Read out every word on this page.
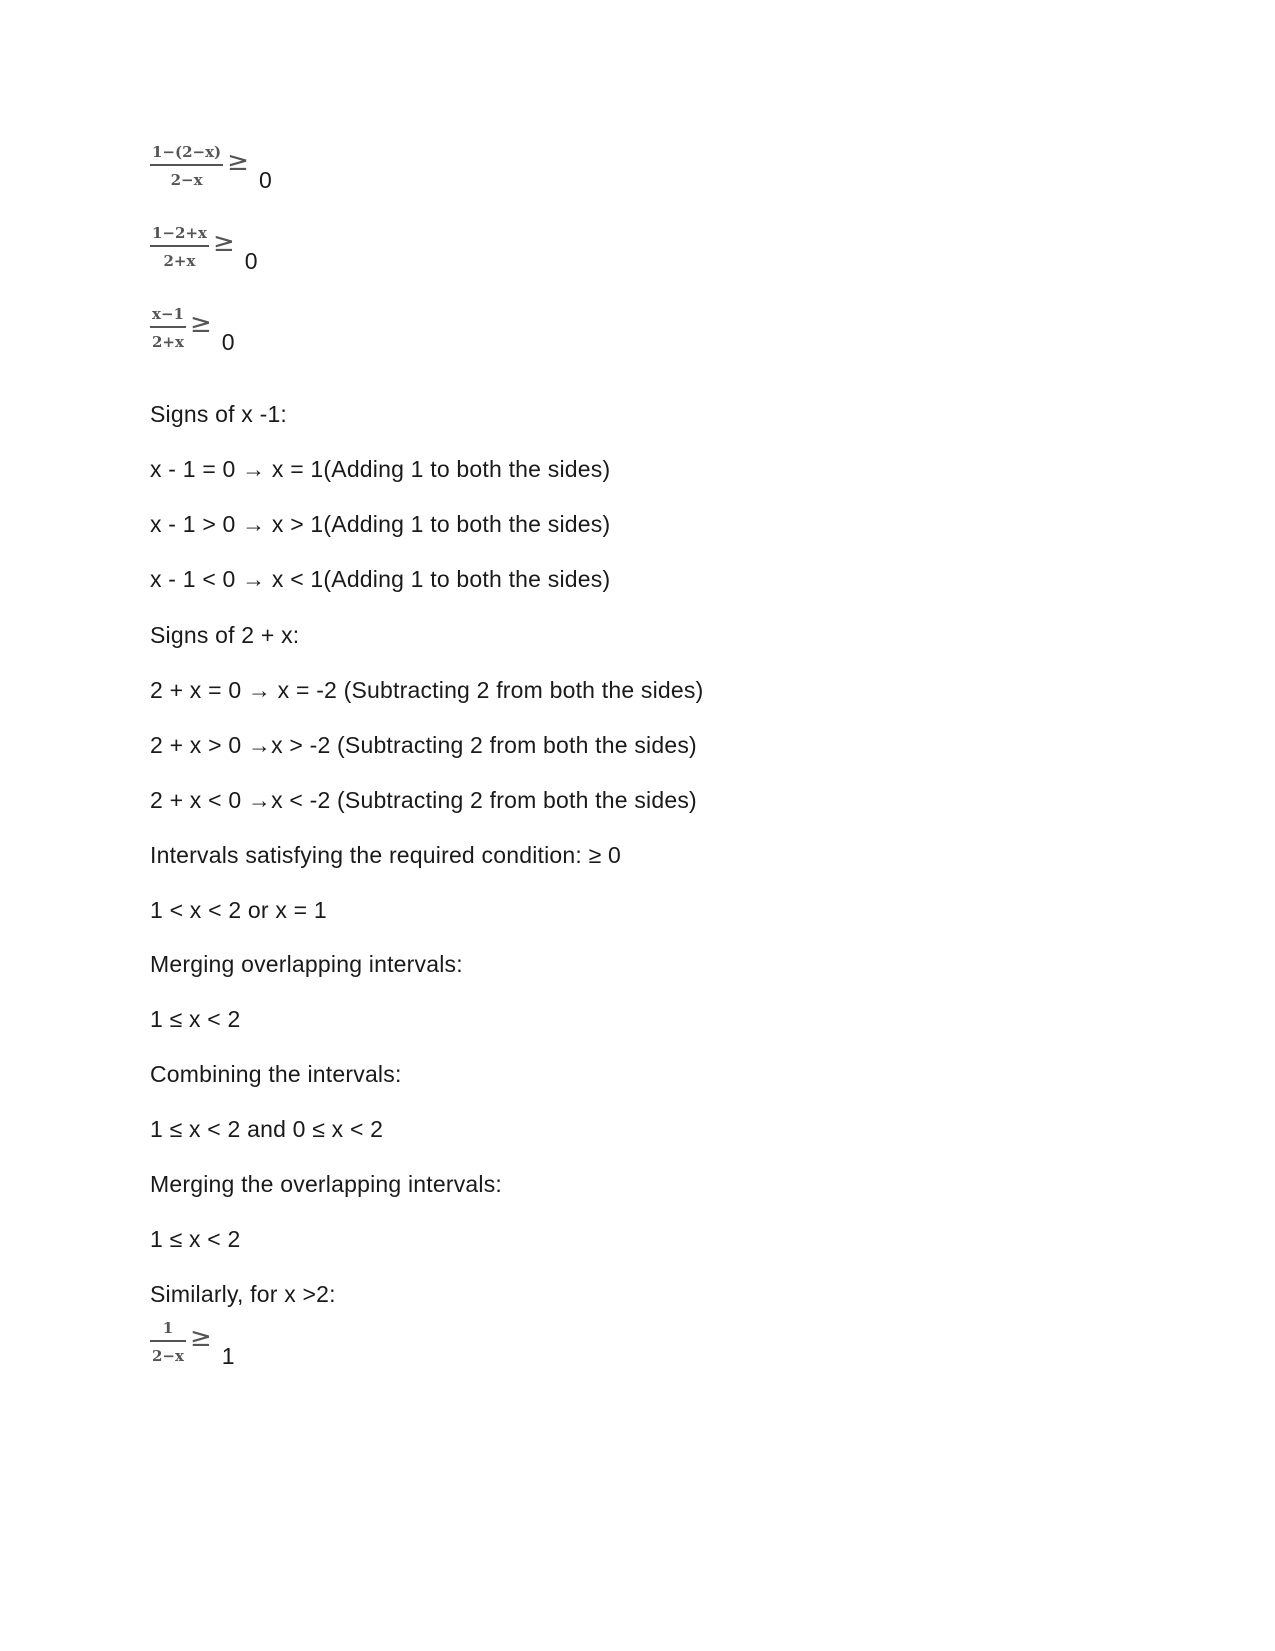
$\frac{1-(2-x)}{2-x}$ ≥
0
$\frac{1-2+x}{2+x}$ ≥
0
$\frac{x-1}{2+x}$ ≥
0
Signs of x -1:
x - 1 = 0 → x = 1(Adding 1 to both the sides)
x - 1 > 0 → x > 1(Adding 1 to both the sides)
x - 1 < 0 → x < 1(Adding 1 to both the sides)
Signs of 2 + x:
2 + x = 0 → x = -2 (Subtracting 2 from both the sides)
2 + x > 0 →x > -2 (Subtracting 2 from both the sides)
2 + x < 0 →x < -2 (Subtracting 2 from both the sides)
Intervals satisfying the required condition: ≥ 0
1 < x < 2 or x = 1
Merging overlapping intervals:
1 ≤ x < 2
Combining the intervals:
1 ≤ x < 2 and 0 ≤ x < 2
Merging the overlapping intervals:
1 ≤ x < 2
Similarly, for x >2:
$\frac{1}{2-x}$ ≥
1
